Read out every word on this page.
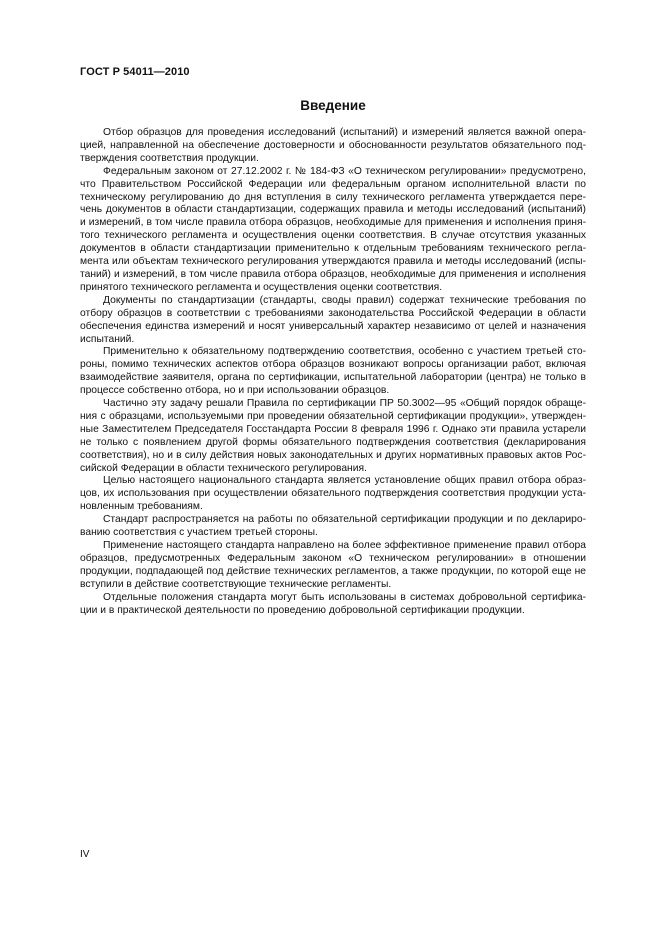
ГОСТ Р 54011—2010
Введение

Отбор образцов для проведения исследований (испытаний) и измерений является важной операцией, направленной на обеспечение достоверности и обоснованности результатов обязательного подтверждения соответствия продукции.

Федеральным законом от 27.12.2002 г. № 184-ФЗ «О техническом регулировании» предусмотрено, что Правительством Российской Федерации или федеральным органом исполнительной власти по техническому регулированию до дня вступления в силу технического регламента утверждается перечень документов в области стандартизации, содержащих правила и методы исследований (испытаний) и измерений, в том числе правила отбора образцов, необходимые для применения и исполнения принятого технического регламента и осуществления оценки соответствия. В случае отсутствия указанных документов в области стандартизации применительно к отдельным требованиям технического регламента или объектам технического регулирования утверждаются правила и методы исследований (испытаний) и измерений, в том числе правила отбора образцов, необходимые для применения и исполнения принятого технического регламента и осуществления оценки соответствия.

Документы по стандартизации (стандарты, своды правил) содержат технические требования по отбору образцов в соответствии с требованиями законодательства Российской Федерации в области обеспечения единства измерений и носят универсальный характер независимо от целей и назначения испытаний.

Применительно к обязательному подтверждению соответствия, особенно с участием третьей стороны, помимо технических аспектов отбора образцов возникают вопросы организации работ, включая взаимодействие заявителя, органа по сертификации, испытательной лаборатории (центра) не только в процессе собственно отбора, но и при использовании образцов.

Частично эту задачу решали Правила по сертификации ПР 50.3002—95 «Общий порядок обращения с образцами, используемыми при проведении обязательной сертификации продукции», утвержденные Заместителем Председателя Госстандарта России 8 февраля 1996 г. Однако эти правила устарели не только с появлением другой формы обязательного подтверждения соответствия (декларирования соответствия), но и в силу действия новых законодательных и других нормативных правовых актов Российской Федерации в области технического регулирования.

Целью настоящего национального стандарта является установление общих правил отбора образцов, их использования при осуществлении обязательного подтверждения соответствия продукции установленным требованиям.

Стандарт распространяется на работы по обязательной сертификации продукции и по декларированию соответствия с участием третьей стороны.

Применение настоящего стандарта направлено на более эффективное применение правил отбора образцов, предусмотренных Федеральным законом «О техническом регулировании» в отношении продукции, подпадающей под действие технических регламентов, а также продукции, по которой еще не вступили в действие соответствующие технические регламенты.

Отдельные положения стандарта могут быть использованы в системах добровольной сертификации и в практической деятельности по проведению добровольной сертификации продукции.

IV
